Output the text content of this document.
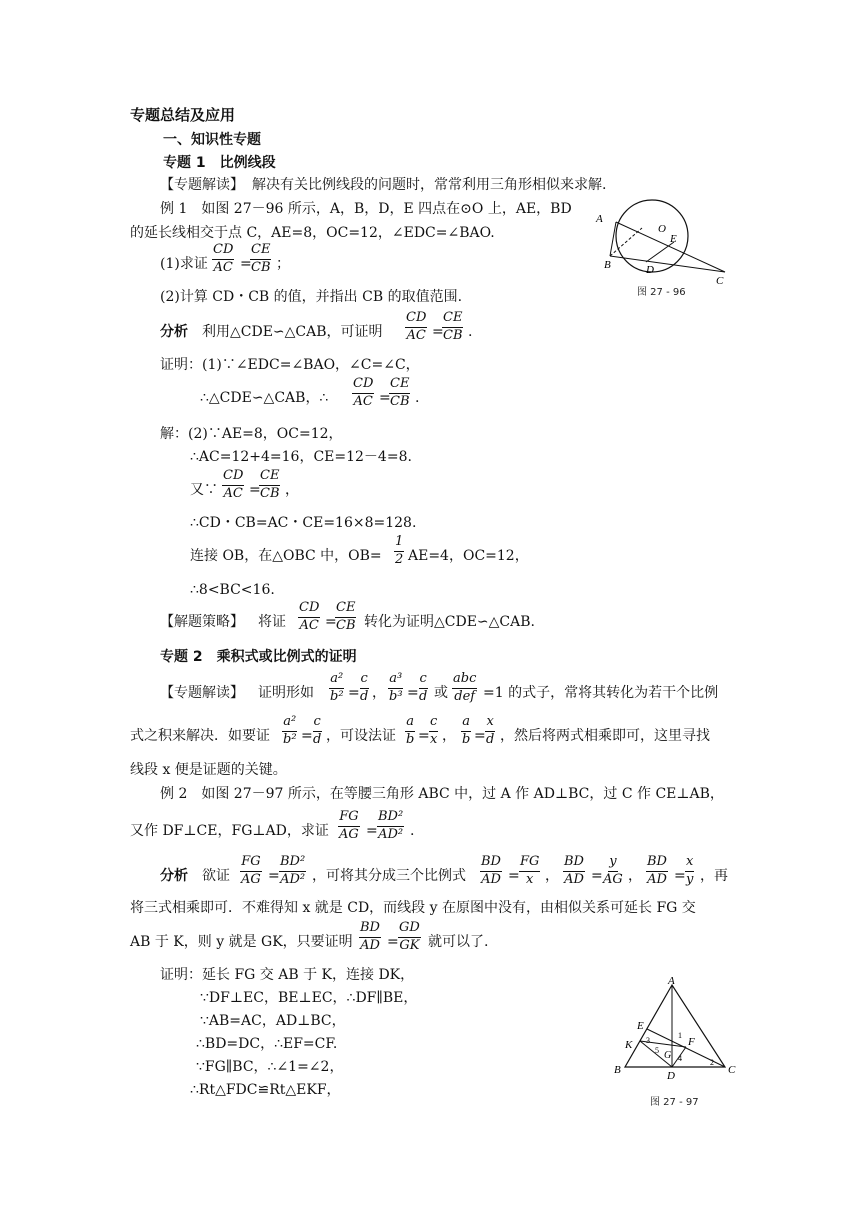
专题总结及应用
一、知识性专题
专题 1　比例线段
【专题解读】 解决有关比例线段的问题时，常常利用三角形相似来求解.
例 1　如图 27－96 所示，A，B，D，E 四点在⊙O 上，AE，BD
的延长线相交于点 C，AE=8，OC=12，∠EDC=∠BAO.
(1)求证
CD
AC =
CE
CB ；
(2)计算 CD・CB 的值，并指出 CB 的取值范围.
分析 利用△CDE∽△CAB，可证明
CD
AC =
CE
CB .
证明：(1)∵∠EDC=∠BAO，∠C=∠C，
∴△CDE∽△CAB，∴
CD
AC =
CE
CB .
解：(2)∵AE=8，OC=12，
∴AC=12+4=16，CE=12－4=8.
又∵
CD
AC =
CE
CB ，
∴CD・CB=AC・CE=16×8=128.
连接 OB，在△OBC 中，OB=
1
2 AE=4，OC=12，
∴8<BC<16.
【解题策略】 将证
CD
AC =
CE
CB 转化为证明△CDE∽△CAB.
A
B
C
D
E
O
图 27 - 96
专题 2　乘积式或比例式的证明
【专题解读】 证明形如
a²
b² =
c
d ，
a³
b³ =
c
d 或
abc
def =1 的式子，常将其转化为若干个比例
式之积来解决．如要证
a²
b² =
c
d ，可设法证
a
b =
c
x ，
a
b =
x
d ，然后将两式相乘即可，这里寻找
线段 x 便是证题的关键。
例 2　如图 27－97 所示，在等腰三角形 ABC 中，过 A 作 AD⊥BC，过 C 作 CE⊥AB，
又作 DF⊥CE，FG⊥AD，求证
FG
AG =
BD²
AD² .
分析 欲证
FG
AG =
BD²
AD² ，可将其分成三个比例式
BD
AD =
FG
x ，
BD
AD =
y
AG ，
BD
AD =
x
y ，再
将三式相乘即可．不难得知 x 就是 CD，而线段 y 在原图中没有，由相似关系可延长 FG 交
AB 于 K，则 y 就是 GK，只要证明
BD
AD =
GD
GK 就可以了.
证明：延长 FG 交 AB 于 K，连接 DK，
∵DF⊥EC，BE⊥EC，∴DF∥BE，
∵AB=AC，AD⊥BC，
∴BD=DC，∴EF=CF.
∵FG∥BC，∴∠1=∠2，
∴Rt△FDC≌Rt△EKF，
A
B	C
D
E
F
G
K
1
2
3
4
5
图 27 - 97
